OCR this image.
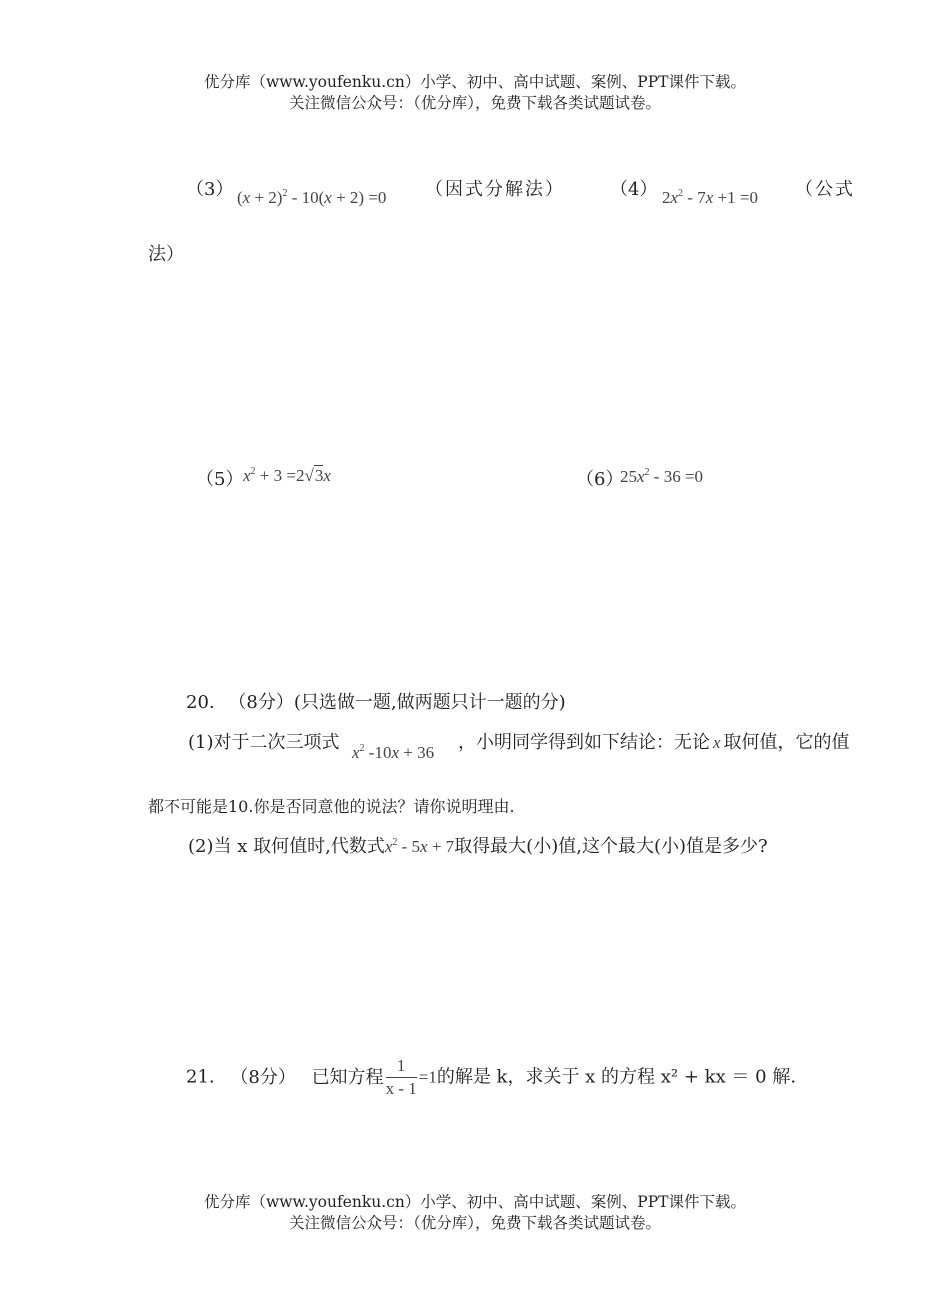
优分库（www.youfenku.cn）小学、初中、高中试题、案例、PPT课件下载。
关注微信公众号：（优分库），免费下载各类试题试卷。
（3） $(x + 2)^2 - 10(x + 2) =0$ （因式分解法）	（4） $2x^2 - 7x +1 =0$ （公式
法）
（5） $x^2 + 3 =2√3x$	（6）
$25x^2 - 36 =0$
20. （8分）(只选做一题,做两题只计一题的分)
(1)对于二次三项式 $x^2$ -10x + 36 ，小明同学得到如下结论：无论 x 取何值，它的值
都不可能是10.你是否同意他的说法？请你说明理由.
(2)当 x 取何值时,代数式$x^2 - 5x + 7$取得最大(小)值,这个最大(小)值是多少?
21. （8分） 已知方程 $\frac{1}{x - 1} =1$的解是 k，求关于 x 的方程 x² + kx ＝ 0 解.
优分库（www.youfenku.cn）小学、初中、高中试题、案例、PPT课件下载。
关注微信公众号：（优分库），免费下载各类试题试卷。
